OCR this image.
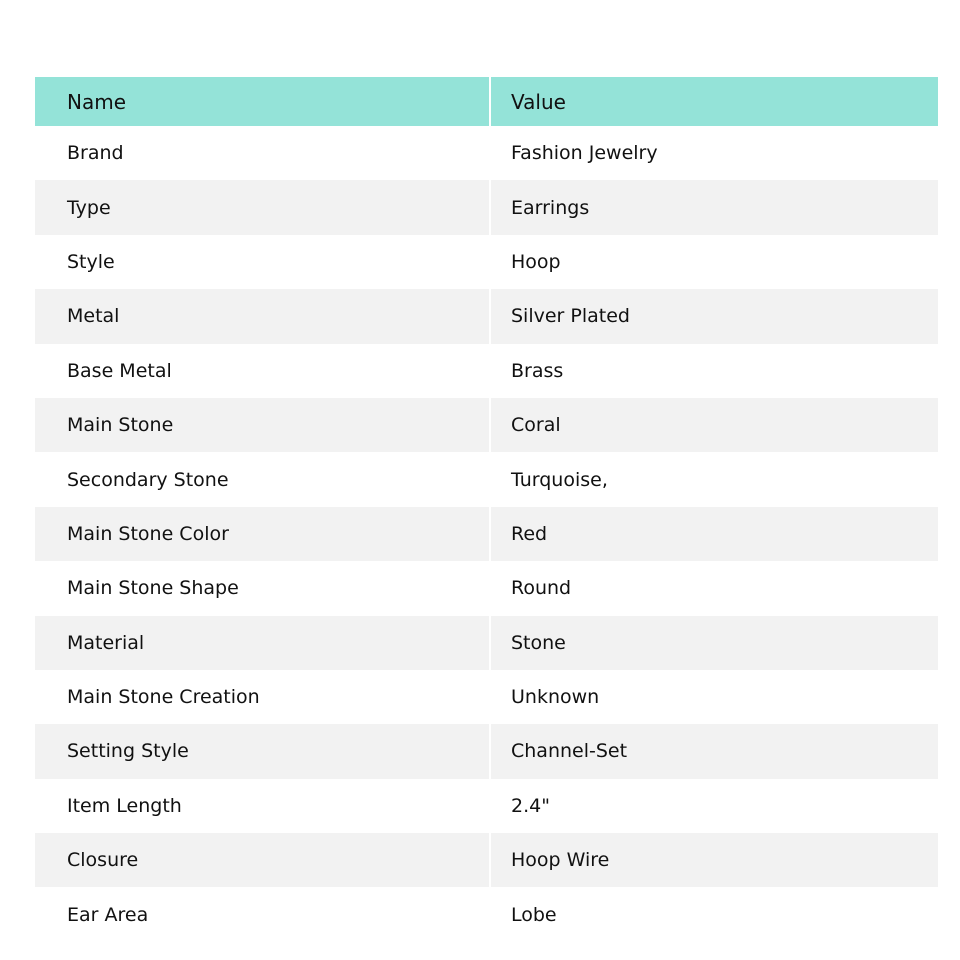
Name	Value
Brand	Fashion Jewelry
Type	Earrings
Style	Hoop
Metal	Silver Plated
Base Metal	Brass
Main Stone	Coral
Secondary Stone	Turquoise,
Main Stone Color	Red
Main Stone Shape	Round
Material	Stone
Main Stone Creation	Unknown
Setting Style	Channel-Set
Item Length	2.4"
Closure	Hoop Wire
Ear Area	Lobe
